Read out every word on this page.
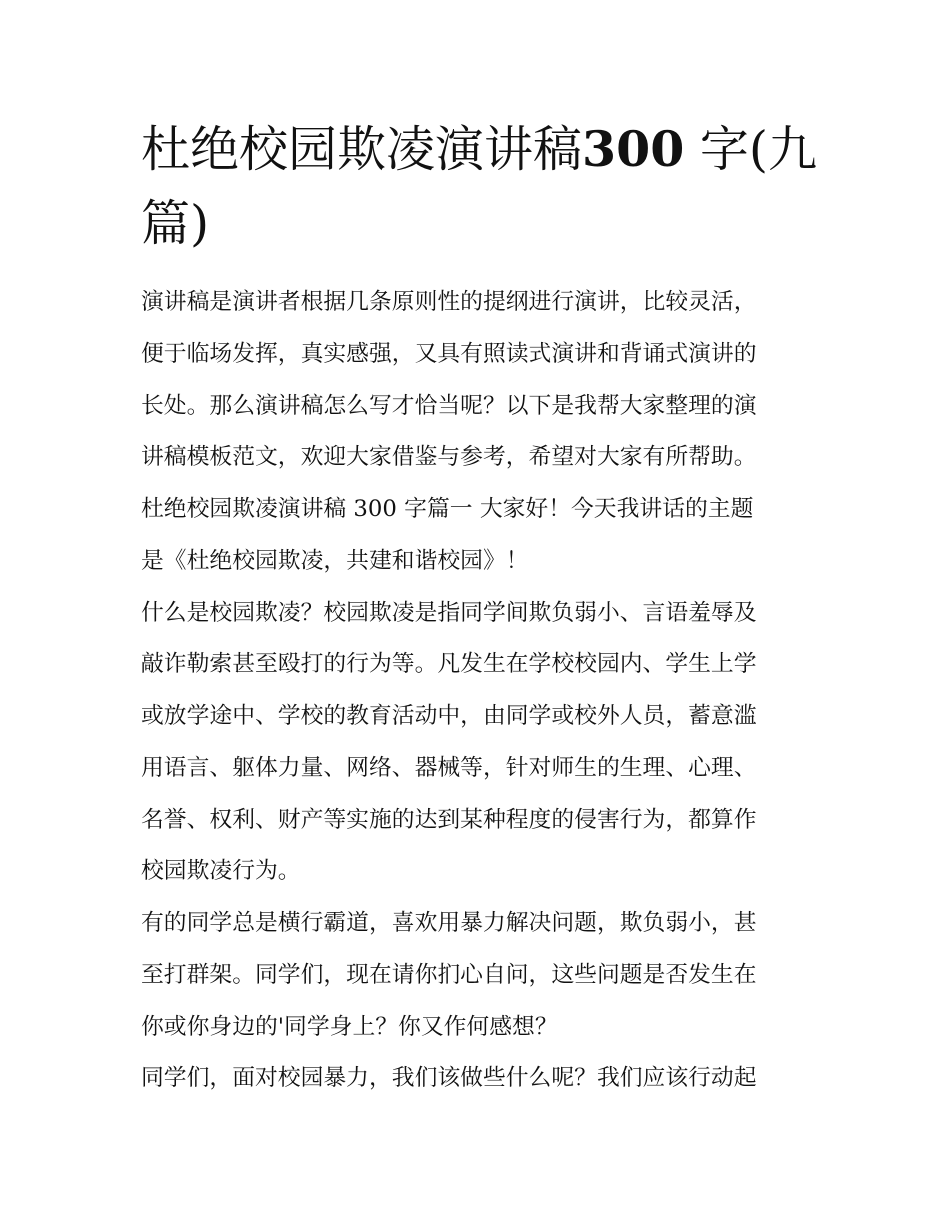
杜绝校园欺凌演讲稿300 字(九
篇)

演讲稿是演讲者根据几条原则性的提纲进行演讲，比较灵活，
便于临场发挥，真实感强，又具有照读式演讲和背诵式演讲的
长处。那么演讲稿怎么写才恰当呢？以下是我帮大家整理的演
讲稿模板范文，欢迎大家借鉴与参考，希望对大家有所帮助。
杜绝校园欺凌演讲稿 300 字篇一 大家好！今天我讲话的主题
是《杜绝校园欺凌，共建和谐校园》！

什么是校园欺凌？校园欺凌是指同学间欺负弱小、言语羞辱及
敲诈勒索甚至殴打的行为等。凡发生在学校校园内、学生上学
或放学途中、学校的教育活动中，由同学或校外人员，蓄意滥
用语言、躯体力量、网络、器械等，针对师生的生理、心理、
名誉、权利、财产等实施的达到某种程度的侵害行为，都算作
校园欺凌行为。

有的同学总是横行霸道，喜欢用暴力解决问题，欺负弱小，甚
至打群架。同学们，现在请你扪心自问，这些问题是否发生在
你或你身边的'同学身上？你又作何感想？

同学们，面对校园暴力，我们该做些什么呢？我们应该行动起
